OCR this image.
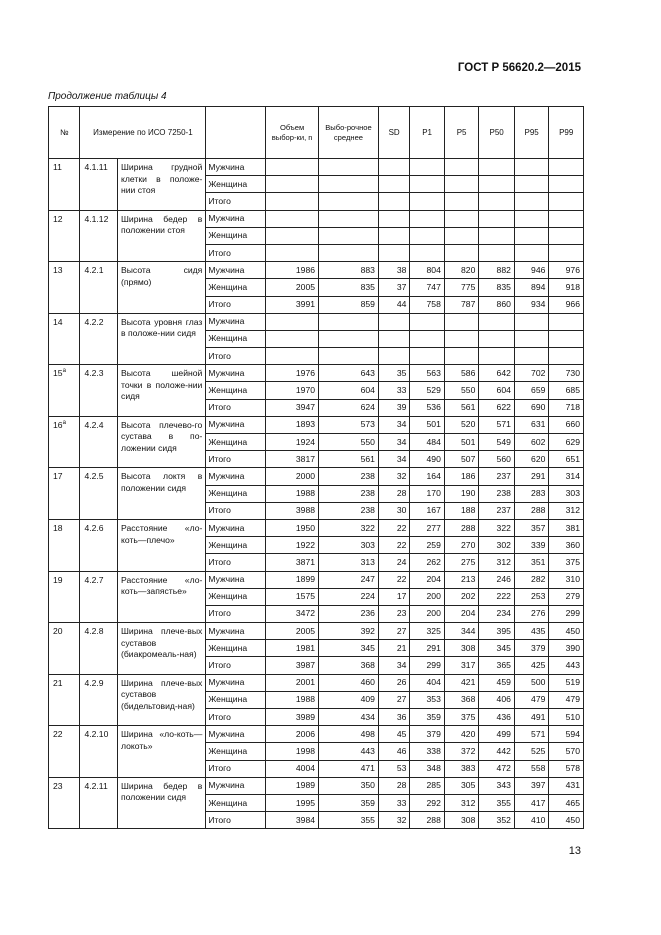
ГОСТ Р 56620.2—2015
Продолжение таблицы 4
№	Измерение по ИСО 7250-1			Объем выбор-ки, n	Выбо-рочное среднее	SD	P1	P5	P50	P95	P99
11	4.1.11	Ширина грудной клетки в положе-нии стоя	Мужчина								
			Женщина								
			Итого								
12	4.1.12	Ширина бедер в положении стоя	Мужчина								
			Женщина								
			Итого								
13	4.2.1	Высота сидя (прямо)	Мужчина	1986	883	38	804	820	882	946	976
			Женщина	2005	835	37	747	775	835	894	918
			Итого	3991	859	44	758	787	860	934	966
14	4.2.2	Высота уровня глаз в положе-нии сидя	Мужчина								
			Женщина								
			Итого								
$15^а$	4.2.3	Высота шейной точки в положе-нии сидя	Мужчина	1976	643	35	563	586	642	702	730
			Женщина	1970	604	33	529	550	604	659	685
			Итого	3947	624	39	536	561	622	690	718
$16^а$	4.2.4	Высота плечево-го сустава в по-ложении сидя	Мужчина	1893	573	34	501	520	571	631	660
			Женщина	1924	550	34	484	501	549	602	629
			Итого	3817	561	34	490	507	560	620	651
17	4.2.5	Высота локтя в положении сидя	Мужчина	2000	238	32	164	186	237	291	314
			Женщина	1988	238	28	170	190	238	283	303
			Итого	3988	238	30	167	188	237	288	312
18	4.2.6	Расстояние «ло-коть—плечо»	Мужчина	1950	322	22	277	288	322	357	381
			Женщина	1922	303	22	259	270	302	339	360
			Итого	3871	313	24	262	275	312	351	375
19	4.2.7	Расстояние «ло-коть—запястье»	Мужчина	1899	247	22	204	213	246	282	310
			Женщина	1575	224	17	200	202	222	253	279
			Итого	3472	236	23	200	204	234	276	299
20	4.2.8	Ширина плече-вых суставов (биакромеаль-ная)	Мужчина	2005	392	27	325	344	395	435	450
			Женщина	1981	345	21	291	308	345	379	390
			Итого	3987	368	34	299	317	365	425	443
21	4.2.9	Ширина плече-вых суставов (бидельтовид-ная)	Мужчина	2001	460	26	404	421	459	500	519
			Женщина	1988	409	27	353	368	406	479	479
			Итого	3989	434	36	359	375	436	491	510
22	4.2.10	Ширина «ло-коть—локоть»	Мужчина	2006	498	45	379	420	499	571	594
			Женщина	1998	443	46	338	372	442	525	570
			Итого	4004	471	53	348	383	472	558	578
23	4.2.11	Ширина бедер в положении сидя	Мужчина	1989	350	28	285	305	343	397	431
			Женщина	1995	359	33	292	312	355	417	465
			Итого	3984	355	32	288	308	352	410	450
13
